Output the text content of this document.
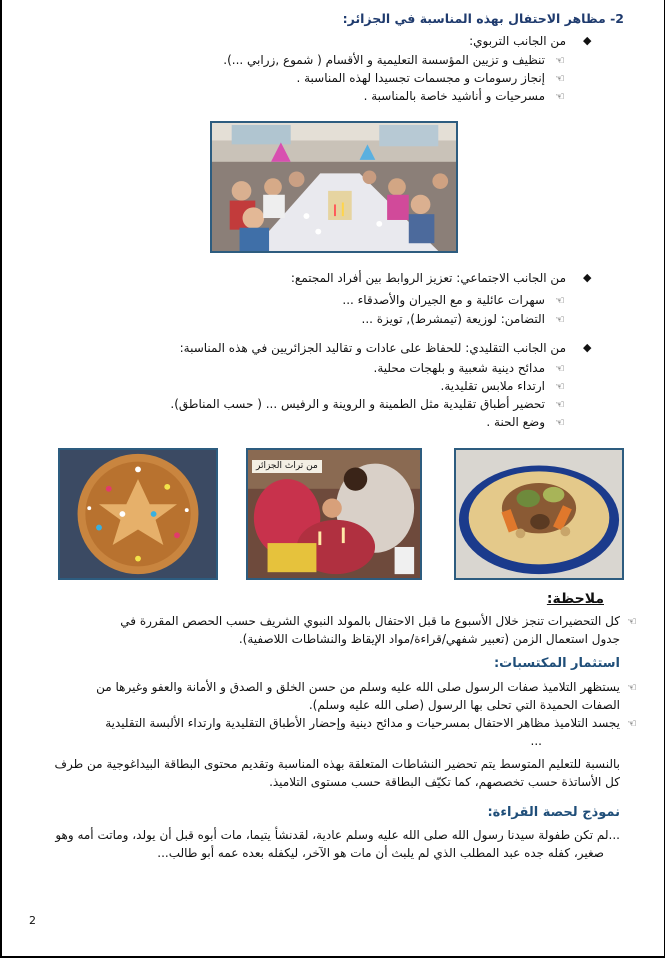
2- مظاهر الاحتفال بهذه المناسبة في الجزائر:
◆
من الجانب التربوي:
☜
تنظيف و تزيين المؤسسة التعليمية و الأقسام ( شموع ,زرابي ...).
☜
إنجاز رسومات و مجسمات تجسيدا لهذه المناسبة .
☜
مسرحيات و أناشيد خاصة بالمناسبة .
◆
من الجانب الاجتماعي: تعزيز الروابط بين أفراد المجتمع:
☜
سهرات عائلية و مع الجيران والأصدقاء ...
☜
التضامن: لوزيعة (تيمشرط), تويزة ...
◆
من الجانب التقليدي: للحفاظ على عادات و تقاليد الجزائريين في هذه المناسبة:
☜
مدائح دينية شعبية و بلهجات محلية.
☜
ارتداء ملابس تقليدية.
☜
تحضير أطباق تقليدية مثل الطمينة و الروينة و الرفيس ... ( حسب المناطق).
☜
وضع الحنة .
من تراث الجزائر
ملاحظة:
☜
كل التحضيرات تنجز خلال الأسبوع ما قبل الاحتفال بالمولد النبوي الشريف حسب الحصص المقررة في
جدول استعمال الزمن (تعبير شفهي/قراءة/مواد الإيقاظ والنشاطات اللاصفية).
استثمار المكتسبات:
☜
يستظهر التلاميذ صفات الرسول صلى الله عليه وسلم من حسن الخلق و الصدق و الأمانة والعفو وغيرها من
الصفات الحميدة التي تحلى بها الرسول (صلى الله عليه وسلم).
☜
يجسد التلاميذ مظاهر الاحتفال بمسرحيات و مدائح دينية وإحضار الأطباق التقليدية وارتداء الألبسة التقليدية
...
بالنسبة للتعليم المتوسط يتم تحضير النشاطات المتعلقة بهذه المناسبة وتقديم محتوى البطاقة البيداغوجية من طرف
كل الأساتذة حسب تخصصهم، كما تكيّف البطاقة حسب مستوى التلاميذ.
نموذج لحصة القراءة:
...لم تكن طفولة سيدنا رسول الله صلى الله عليه وسلم عادية، لقدنشأ يتيما، مات أبوه قبل أن يولد، وماتت أمه وهو
صغير، كفله جده عبد المطلب الذي لم يلبث أن مات هو الآخر، ليكفله بعده عمه أبو طالب...
2
